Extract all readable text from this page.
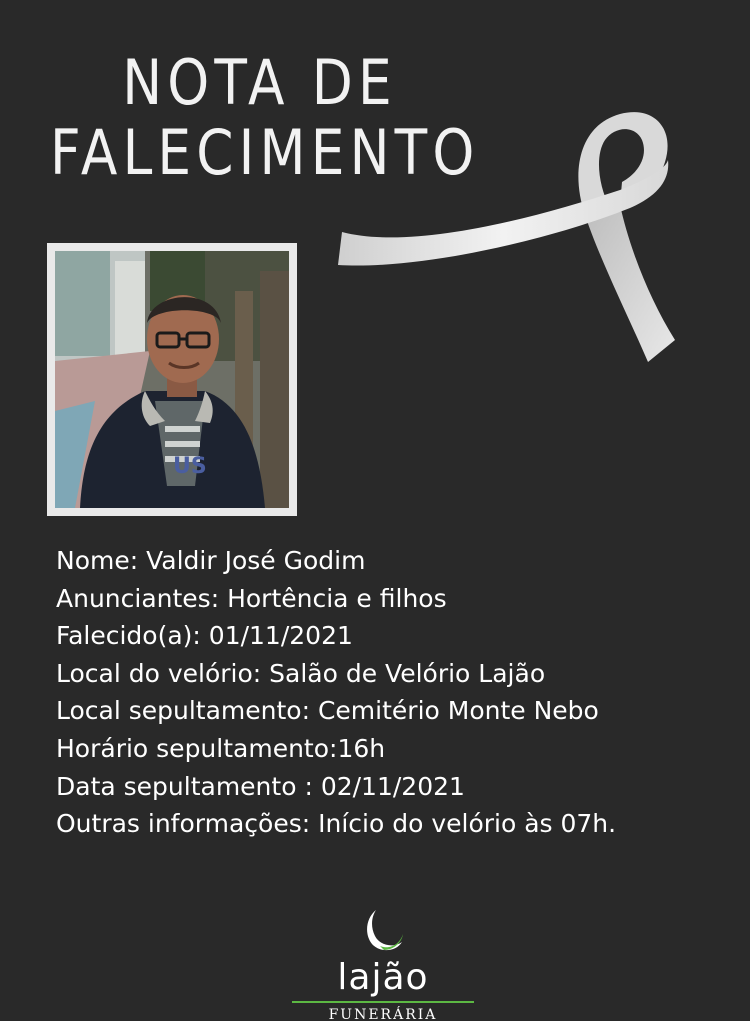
NOTA DE
FALECIMENTO
US
Nome: Valdir José Godim
Anunciantes: Hortência e filhos
Falecido(a): 01/11/2021
Local do velório: Salão de Velório Lajão
Local sepultamento: Cemitério Monte Nebo
Horário sepultamento:16h
Data sepultamento : 02/11/2021
Outras informações: Início do velório às 07h.
lajão
FUNERÁRIA
